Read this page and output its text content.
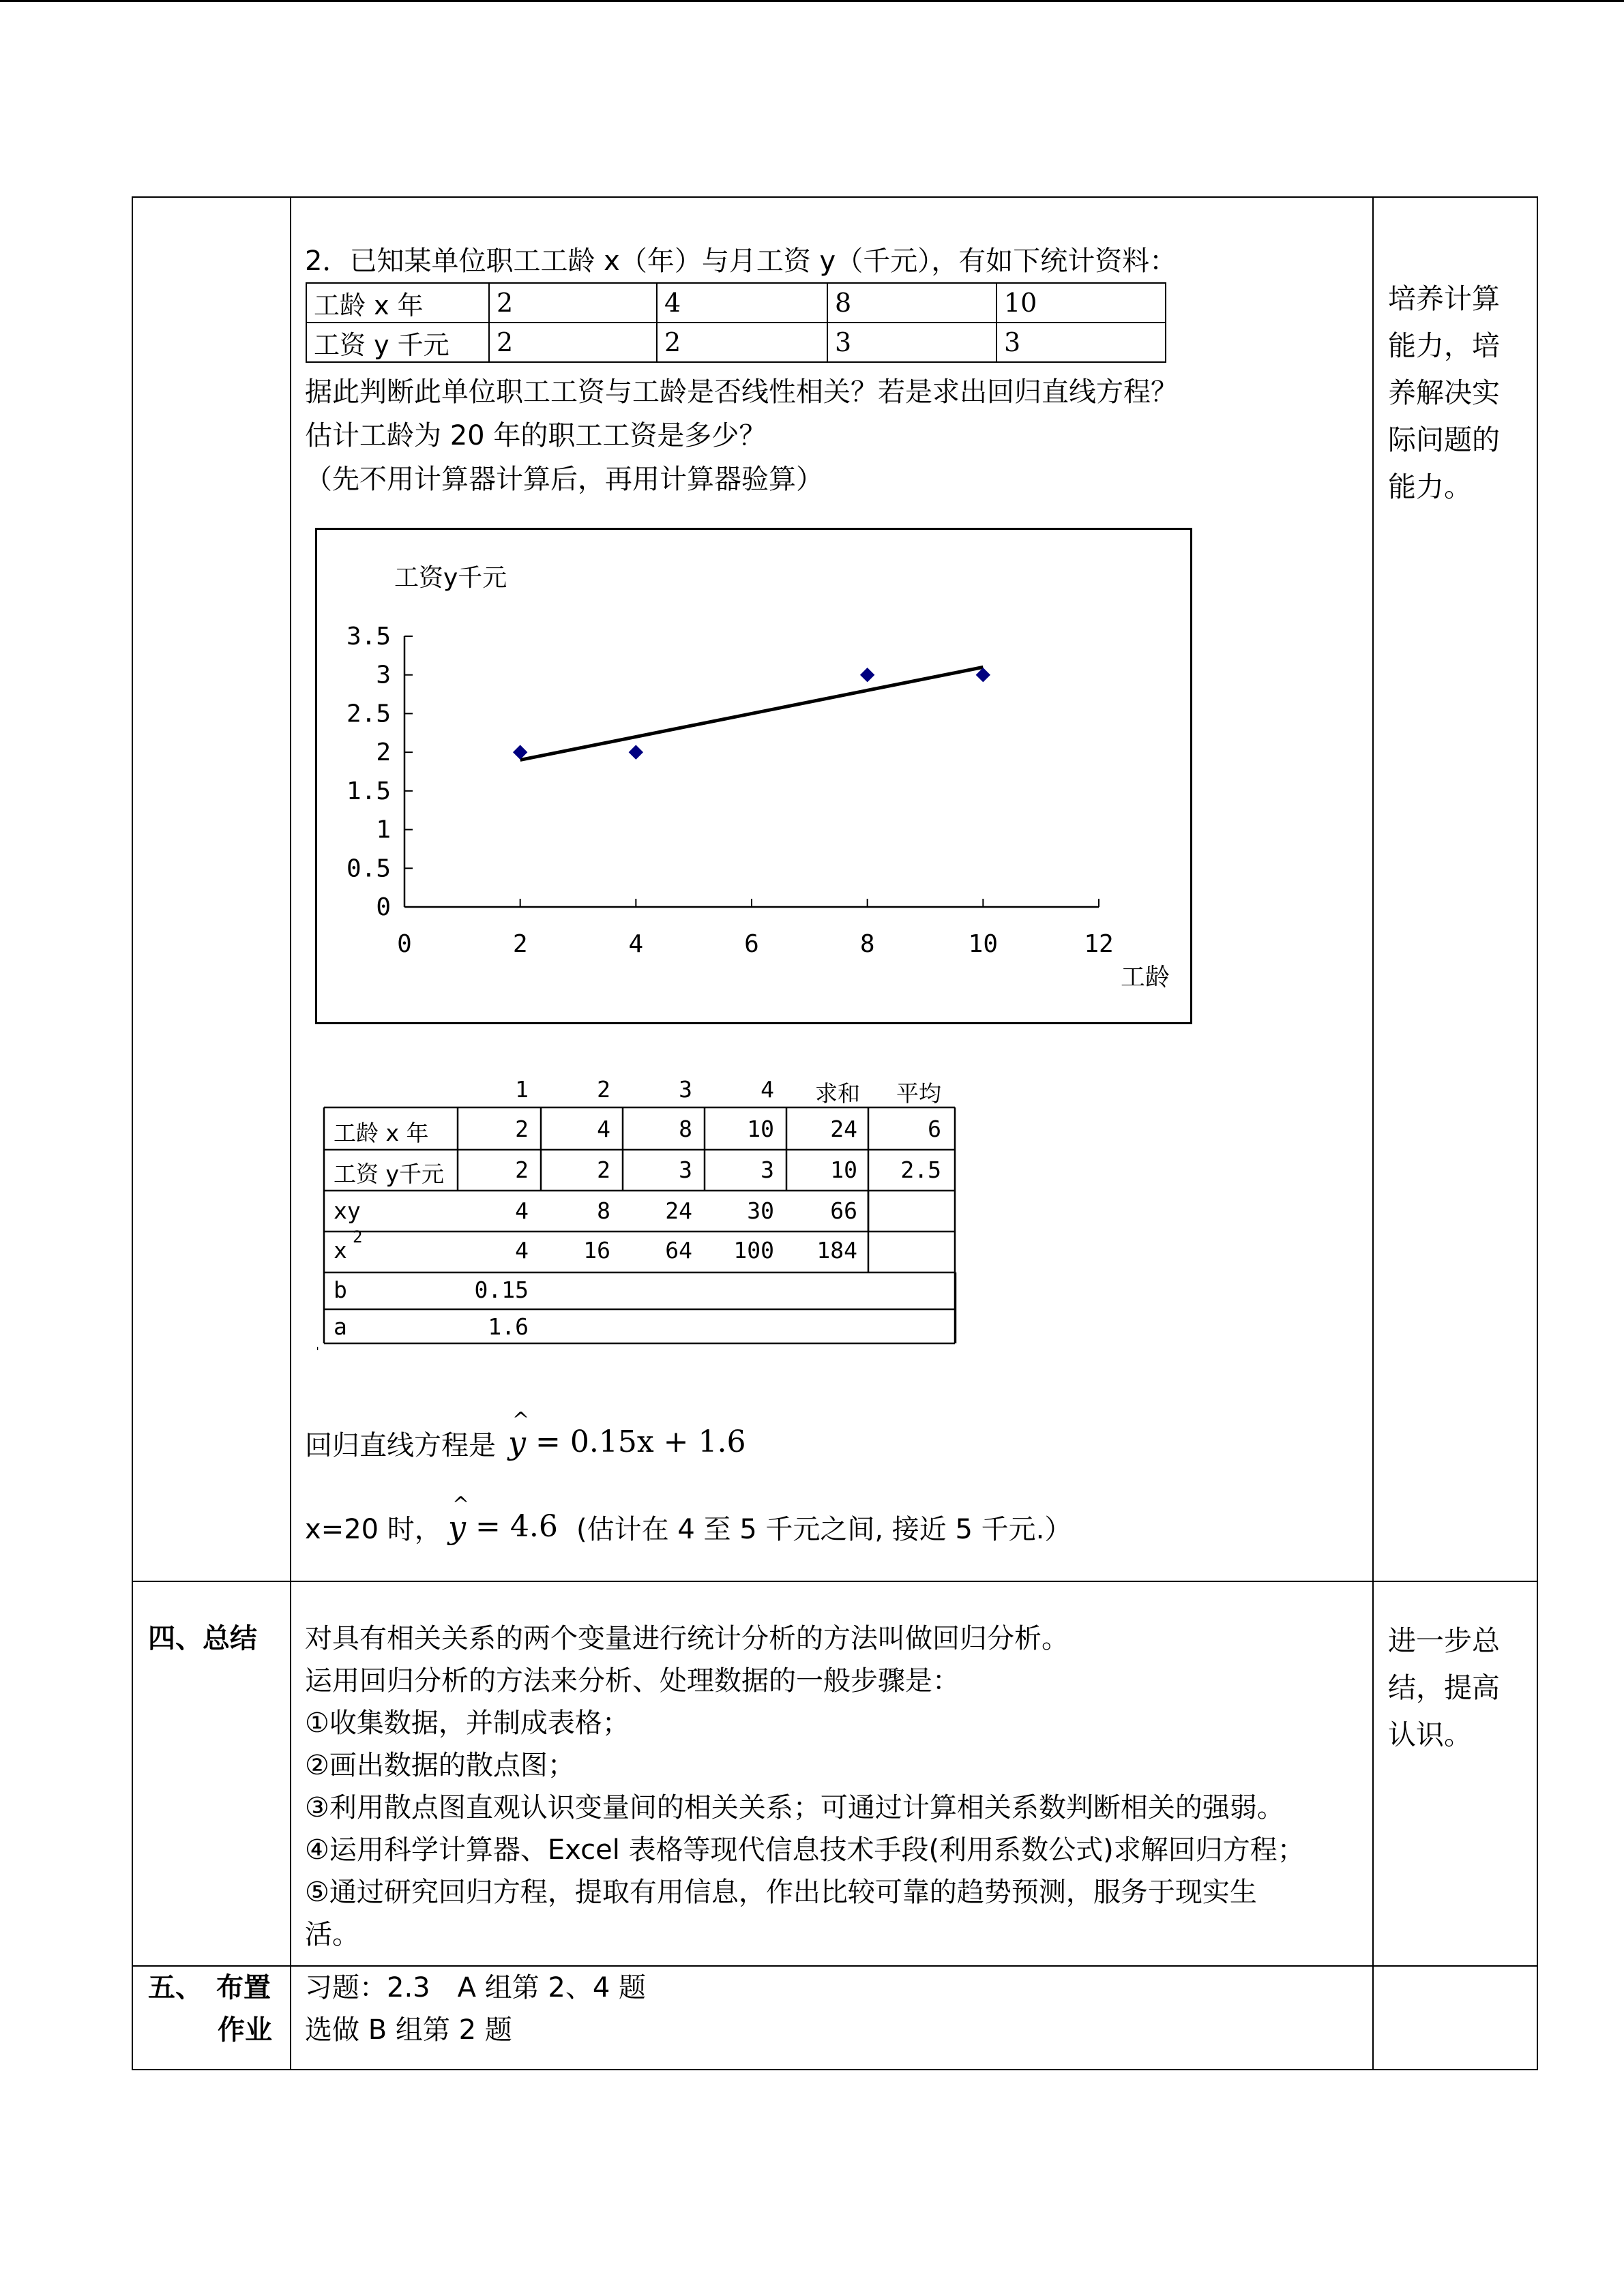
2．已知某单位职工工龄 x（年）与月工资 y（千元），有如下统计资料：
工龄 x 年	2	4	8	10
工资 y 千元	2	2	3	3
据此判断此单位职工工资与工龄是否线性相关？若是求出回归直线方程？
估计工龄为 20 年的职工工资是多少？
（先不用计算器计算后，再用计算器验算）
0
0.5
1
1.5
2
2.5
3
3.5
0	2	4	6	8	10	12
工资y千元
工龄
1	2	3	4 求和 平均
工龄 x 年	2	4	8 10 24	6
工资 y千元	2	2	3	3 10 2.5
xy	4	8 24 30 66
x 2	4 16 64 100 184
b	0.15
a	1.6
回归直线方程是
^
y = 0.15x + 1.6
x=20 时，
^
y = 4.6 (估计在 4 至 5 千元之间, 接近 5 千元.）
培养计算能力，培养解决实际问题的能力。
四、总结 对具有相关关系的两个变量进行统计分析的方法叫做回归分析。
运用回归分析的方法来分析、处理数据的一般步骤是：
①收集数据，并制成表格；
②画出数据的散点图；
③利用散点图直观认识变量间的相关关系；可通过计算相关系数判断相关的强弱。
④运用科学计算器、Excel 表格等现代信息技术手段(利用系数公式)求解回归方程；
⑤通过研究回归方程，提取有用信息，作出比较可靠的趋势预测，服务于现实生
活。
进一步总结，提高认识。
五、　布置
作业
习题：2.3　A 组第 2、4 题
选做 B 组第 2 题
